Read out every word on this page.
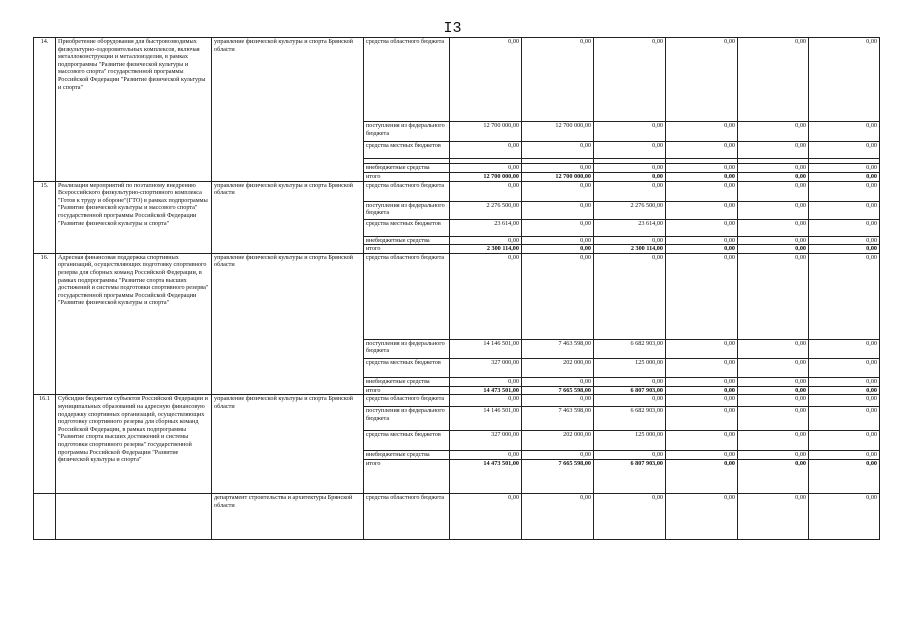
I3
14.	Приобретение оборудования для быстровозводимых физкультурно-оздоровительных комплексов, включая металлоконструкции и металлоизделия, в рамках подпрограммы "Развитие физической культуры и массового спорта" государственной программы Российской Федерации "Развитие физической культуры и спорта"	управление физической культуры и спорта Брянской области	средства областного бюджета	0,00	0,00	0,00	0,00	0,00	0,00
			поступления из федерального бюджета	12 700 000,00	12 700 000,00	0,00	0,00	0,00	0,00
			средства местных бюджетов	0,00	0,00	0,00	0,00	0,00	0,00

			внебюджетные средства	0,00	0,00	0,00	0,00	0,00	0,00
			итого	12 700 000,00	12 700 000,00	0,00	0,00	0,00	0,00
15.	Реализация мероприятий по поэтапному внедрению Всероссийского физкультурно-спортивного комплекса "Готов к труду и обороне"(ГТО) в рамках подпрограммы "Развитие физической культуры и массового спорта" государственной программы Российской Федерации "Развитие физической культуры и спорта"	управление физической культуры и спорта Брянской области	средства областного бюджета	0,00	0,00	0,00	0,00	0,00	0,00
			поступления из федерального бюджета	2 276 500,00	0,00	2 276 500,00	0,00	0,00	0,00
			средства местных бюджетов	23 614,00	0,00	23 614,00	0,00	0,00	0,00
			внебюджетные средства	0,00	0,00	0,00	0,00	0,00	0,00
			итого	2 300 114,00	0,00	2 300 114,00	0,00	0,00	0,00
16.	Адресная финансовая поддержка спортивных организаций, осуществляющих подготовку спортивного резерва для сборных команд Российской Федерации, в рамках подпрограммы "Развитие спорта высших достижений и системы подготовки спортивного резерва" государственной программы Российской Федерации "Развитие физической культуры и спорта"	управление физической культуры и спорта Брянской области	средства областного бюджета	0,00	0,00	0,00	0,00	0,00	0,00
			поступления из федерального бюджета	14 146 501,00	7 463 598,00	6 682 903,00	0,00	0,00	0,00
			средства местных бюджетов	327 000,00	202 000,00	125 000,00	0,00	0,00	0,00
			внебюджетные средства	0,00	0,00	0,00	0,00	0,00	0,00
			итого	14 473 501,00	7 665 598,00	6 807 903,00	0,00	0,00	0,00
16.1	Субсидии бюджетам субъектов Российской Федерации и муниципальных образований на адресную финансовую поддержку спортивных организаций, осуществляющих подготовку спортивного резерва для сборных команд Российской Федерации, в рамках подпрограммы "Развитие спорта высших достижений и системы подготовки спортивного резерва" государственной программы Российской Федерации "Развитие физической культуры и спорта"	управление физической культуры и спорта Брянской области	средства областного бюджета	0,00	0,00	0,00	0,00	0,00	0,00
			поступления из федерального бюджета	14 146 501,00	7 463 598,00	6 682 903,00	0,00	0,00	0,00
			средства местных бюджетов	327 000,00	202 000,00	125 000,00	0,00	0,00	0,00
			внебюджетные средства	0,00	0,00	0,00	0,00	0,00	0,00
			итого	14 473 501,00	7 665 598,00	6 807 903,00	0,00	0,00	0,00
		департамент строительства и архитектуры Брянской области	средства областного бюджета	0,00	0,00	0,00	0,00	0,00	0,00
